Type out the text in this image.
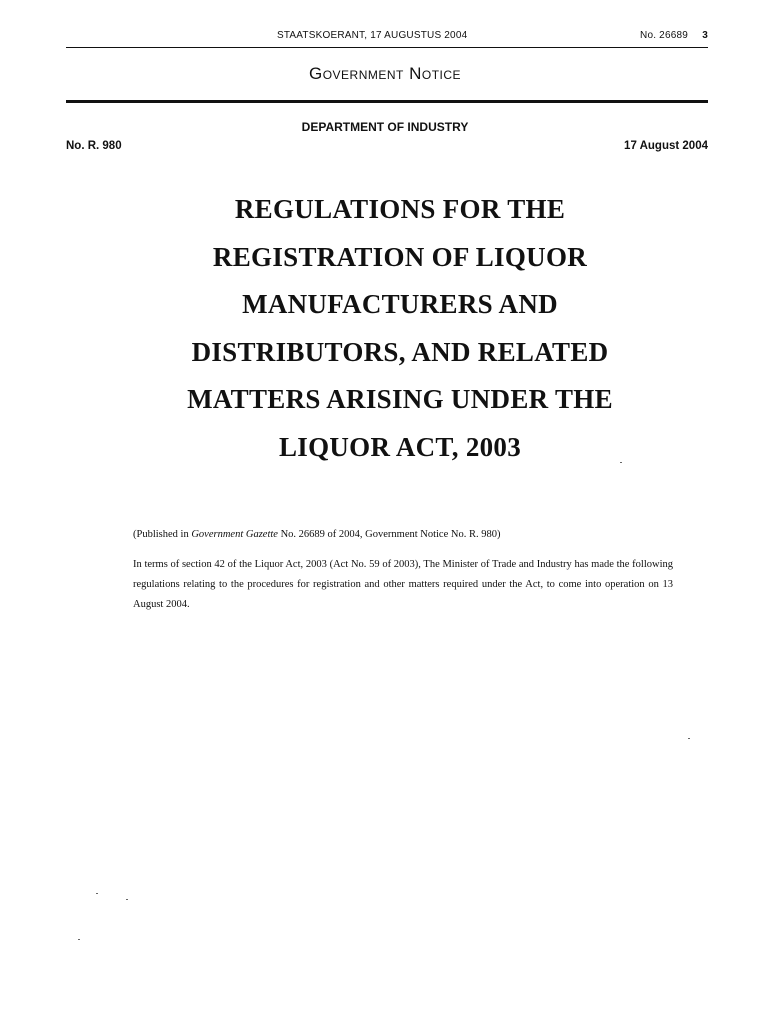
STAATSKOERANT, 17 AUGUSTUS 2004	No. 26689 3
Government Notice
DEPARTMENT OF INDUSTRY
No. R. 980	17 August 2004
REGULATIONS FOR THE
REGISTRATION OF LIQUOR
MANUFACTURERS AND
DISTRIBUTORS, AND RELATED
MATTERS ARISING UNDER THE
LIQUOR ACT, 2003
(Published in Government Gazette No. 26689 of 2004, Government Notice No. R. 980)
In terms of section 42 of the Liquor Act, 2003 (Act No. 59 of 2003), The Minister of Trade and Industry has made the following regulations relating to the procedures for registration and other matters required under the Act, to come into operation on 13 August 2004.
